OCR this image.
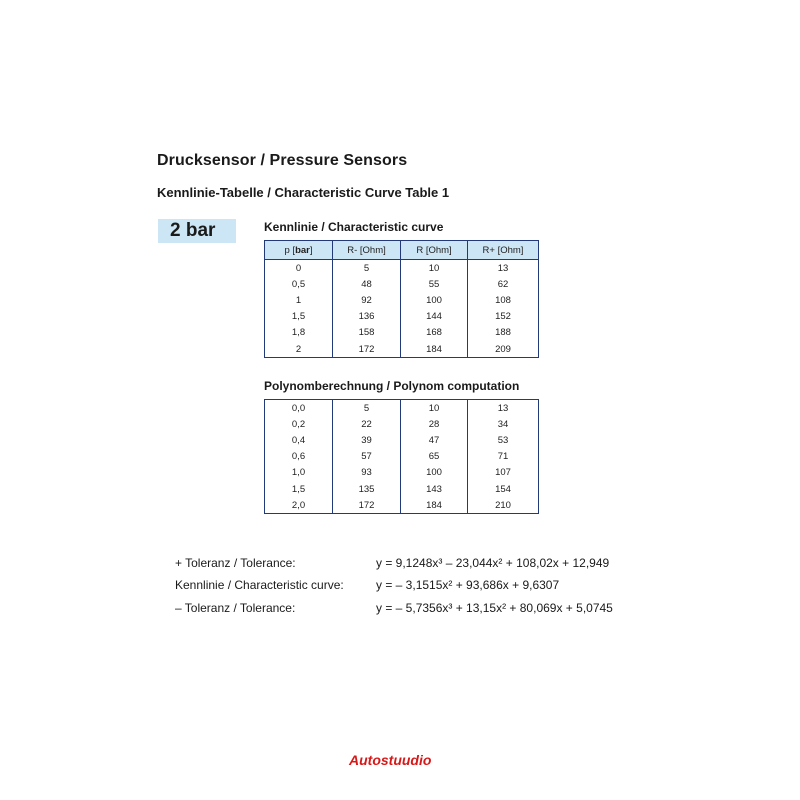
Drucksensor / Pressure Sensors
Kennlinie-Tabelle / Characteristic Curve Table 1
2 bar	Kennlinie / Characteristic curve
p [bar]	R- [Ohm]	R [Ohm]	R+ [Ohm]
0	5	10	13
0,5	48	55	62
1	92	100	108
1,5	136	144	152
1,8	158	168	188
2	172	184	209
Polynomberechnung / Polynom computation
0,0	5	10	13
0,2	22	28	34
0,4	39	47	53
0,6	57	65	71
1,0	93	100	107
1,5	135	143	154
2,0	172	184	210
+ Toleranz / Tolerance:	y = 9,1248x³ – 23,044x² + 108,02x + 12,949
Kennlinie / Characteristic curve:	y = – 3,1515x² + 93,686x + 9,6307
– Toleranz / Tolerance:	y = – 5,7356x³ + 13,15x² + 80,069x + 5,0745
Autostuudio
